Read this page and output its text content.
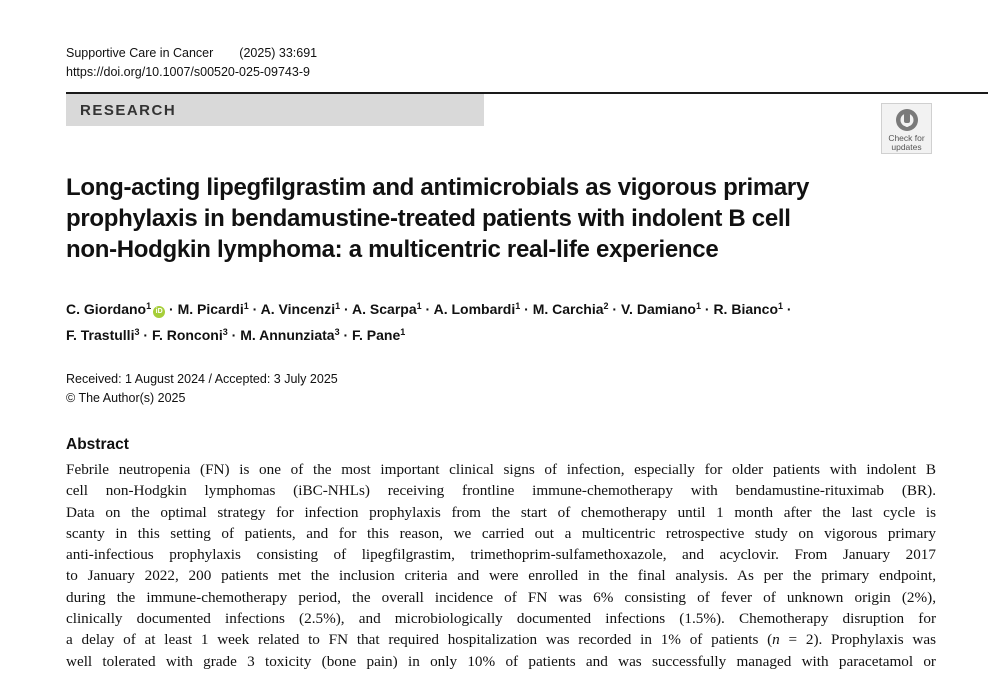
Supportive Care in Cancer (2025) 33:691
https://doi.org/10.1007/s00520-025-09743-9
RESEARCH
Check for
updates
Long-acting lipegfilgrastim and antimicrobials as vigorous primary
prophylaxis in bendamustine-treated patients with indolent B cell
non-Hodgkin lymphoma: a multicentric real-life experience
C. Giordano$^1$iD · M. Picardi$^1$ · A. Vincenzi$^1$ · A. Scarpa$^1$ · A. Lombardi$^1$ · M. Carchia$^2$ · V. Damiano$^1$ · R. Bianco$^1$ ·
F. Trastulli$^3$ · F. Ronconi$^3$ · M. Annunziata$^3$ · F. Pane$^1$
Received: 1 August 2024 / Accepted: 3 July 2025
© The Author(s) 2025
Abstract
Febrile neutropenia (FN) is one of the most important clinical signs of infection, especially for older patients with indolent B
cell non-Hodgkin lymphomas (iBC-NHLs) receiving frontline immune-chemotherapy with bendamustine-rituximab (BR).
Data on the optimal strategy for infection prophylaxis from the start of chemotherapy until 1 month after the last cycle is
scanty in this setting of patients, and for this reason, we carried out a multicentric retrospective study on vigorous primary
anti-infectious prophylaxis consisting of lipegfilgrastim, trimethoprim-sulfamethoxazole, and acyclovir. From January 2017
to January 2022, 200 patients met the inclusion criteria and were enrolled in the final analysis. As per the primary endpoint,
during the immune-chemotherapy period, the overall incidence of FN was 6% consisting of fever of unknown origin (2%),
clinically documented infections (2.5%), and microbiologically documented infections (1.5%). Chemotherapy disruption for
a delay of at least 1 week related to FN that required hospitalization was recorded in 1% of patients (n = 2). Prophylaxis was
well tolerated with grade 3 toxicity (bone pain) in only 10% of patients and was successfully managed with paracetamol or
